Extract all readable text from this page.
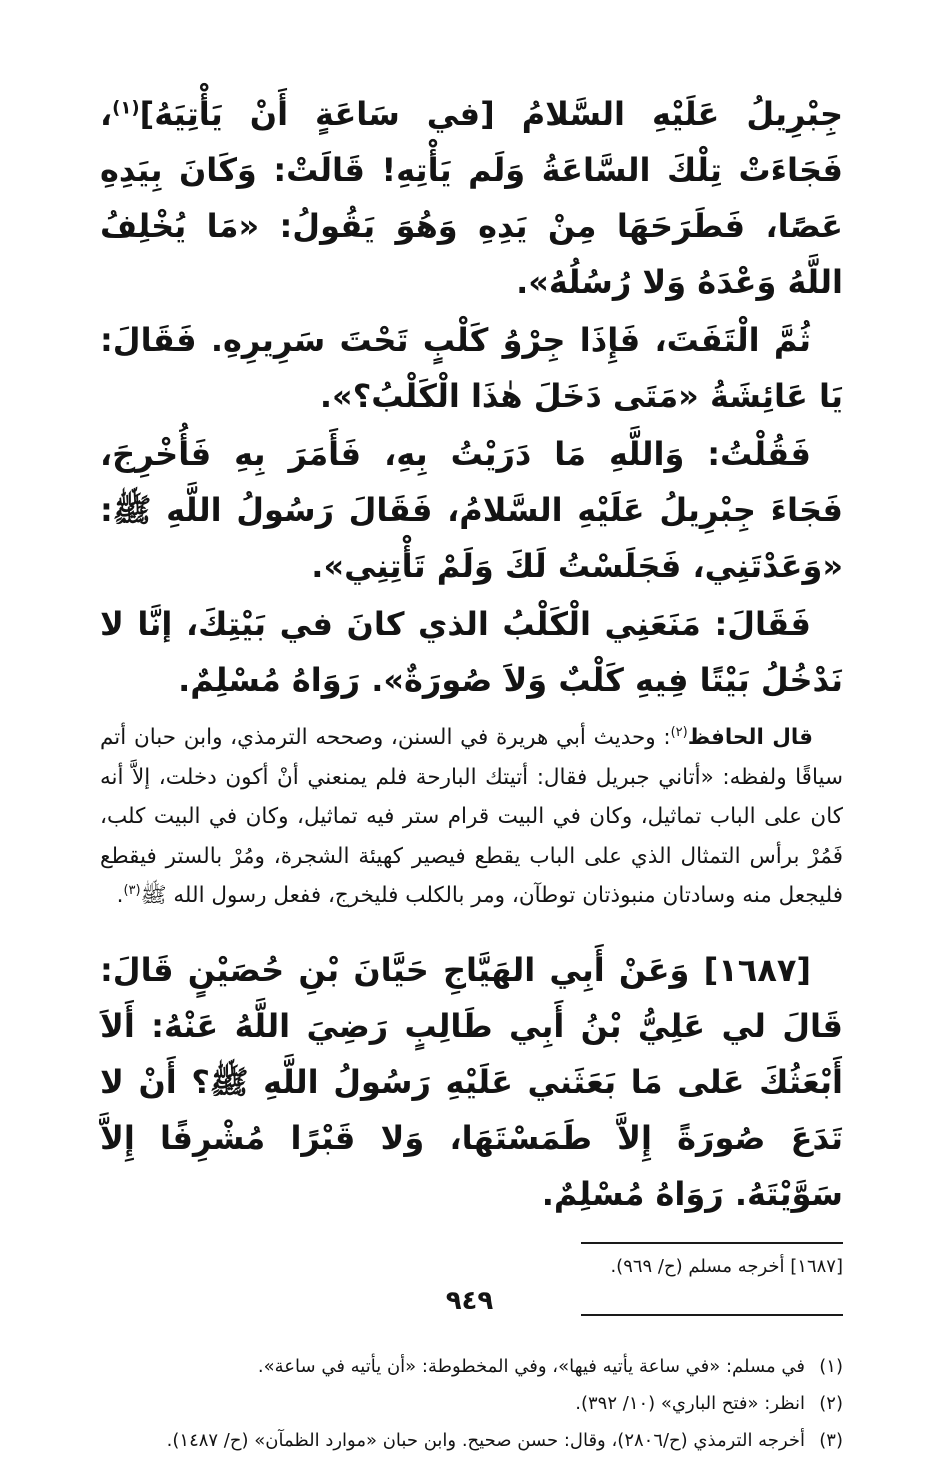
جِبْرِيلُ عَلَيْهِ السَّلامُ [في سَاعَةٍ أَنْ يَأْتِيَهُ]$^{(١)}$، فَجَاءَتْ تِلْكَ السَّاعَةُ وَلَم يَأْتِهِ! قَالَتْ: وَكَانَ بِيَدِهِ عَصًا، فَطَرَحَهَا مِنْ يَدِهِ وَهُوَ يَقُولُ: «مَا يُخْلِفُ اللَّهُ وَعْدَهُ وَلا رُسُلُهُ».

ثُمَّ الْتَفَتَ، فَإِذَا جِرْوُ كَلْبٍ تَحْتَ سَرِيرِهِ. فَقَالَ: يَا عَائِشَةُ «مَتَى دَخَلَ هٰذَا الْكَلْبُ؟».

فَقُلْتُ: وَاللَّهِ مَا دَرَيْتُ بِهِ، فَأَمَرَ بِهِ فَأُخْرِجَ، فَجَاءَ جِبْرِيلُ عَلَيْهِ السَّلامُ، فَقَالَ رَسُولُ اللَّهِ ﷺ: «وَعَدْتَنِي، فَجَلَسْتُ لَكَ وَلَمْ تَأْتِنِي».

فَقَالَ: مَنَعَنِي الْكَلْبُ الذي كانَ في بَيْتِكَ، إنَّا لا نَدْخُلُ بَيْتًا فِيهِ كَلْبٌ وَلاَ صُورَةٌ». رَوَاهُ مُسْلِمٌ.

قال الحافظ$^{(٢)}$: وحديث أبي هريرة في السنن، وصححه الترمذي، وابن حبان أتم سياقًا ولفظه: «أتاني جبريل فقال: أتيتك البارحة فلم يمنعني أنْ أكون دخلت، إلاَّ أنه كان على الباب تماثيل، وكان في البيت قرام ستر فيه تماثيل، وكان في البيت كلب، فَمُرْ برأس التمثال الذي على الباب يقطع فيصير كهيئة الشجرة، ومُرْ بالستر فيقطع فليجعل منه وسادتان منبوذتان توطآن، ومر بالكلب فليخرج، ففعل رسول الله ﷺ$^{(٣)}$.

[١٦٨٧] وَعَنْ أَبِي الهَيَّاجِ حَيَّانَ بْنِ حُصَيْنٍ قَالَ: قَالَ لي عَلِيُّ بْنُ أَبِي طَالِبٍ رَضِيَ اللَّهُ عَنْهُ: أَلاَ أَبْعَثُكَ عَلى مَا بَعَثَني عَلَيْهِ رَسُولُ اللَّهِ ﷺ؟ أَنْ لا تَدَعَ صُورَةً إِلاَّ طَمَسْتَهَا، وَلا قَبْرًا مُشْرِفًا إِلاَّ سَوَّيْتَهُ. رَوَاهُ مُسْلِمٌ.

[١٦٨٧] أخرجه مسلم (ح/ ٩٦٩).

(١)
في مسلم: «في ساعة يأتيه فيها»، وفي المخطوطة: «أن يأتيه في ساعة».
(٢)
انظر: «فتح الباري» (١٠/ ٣٩٢).
(٣)
أخرجه الترمذي (ح/٢٨٠٦)، وقال: حسن صحيح. وابن حبان «موارد الظمآن» (ح/ ١٤٨٧).
٩٤٩
